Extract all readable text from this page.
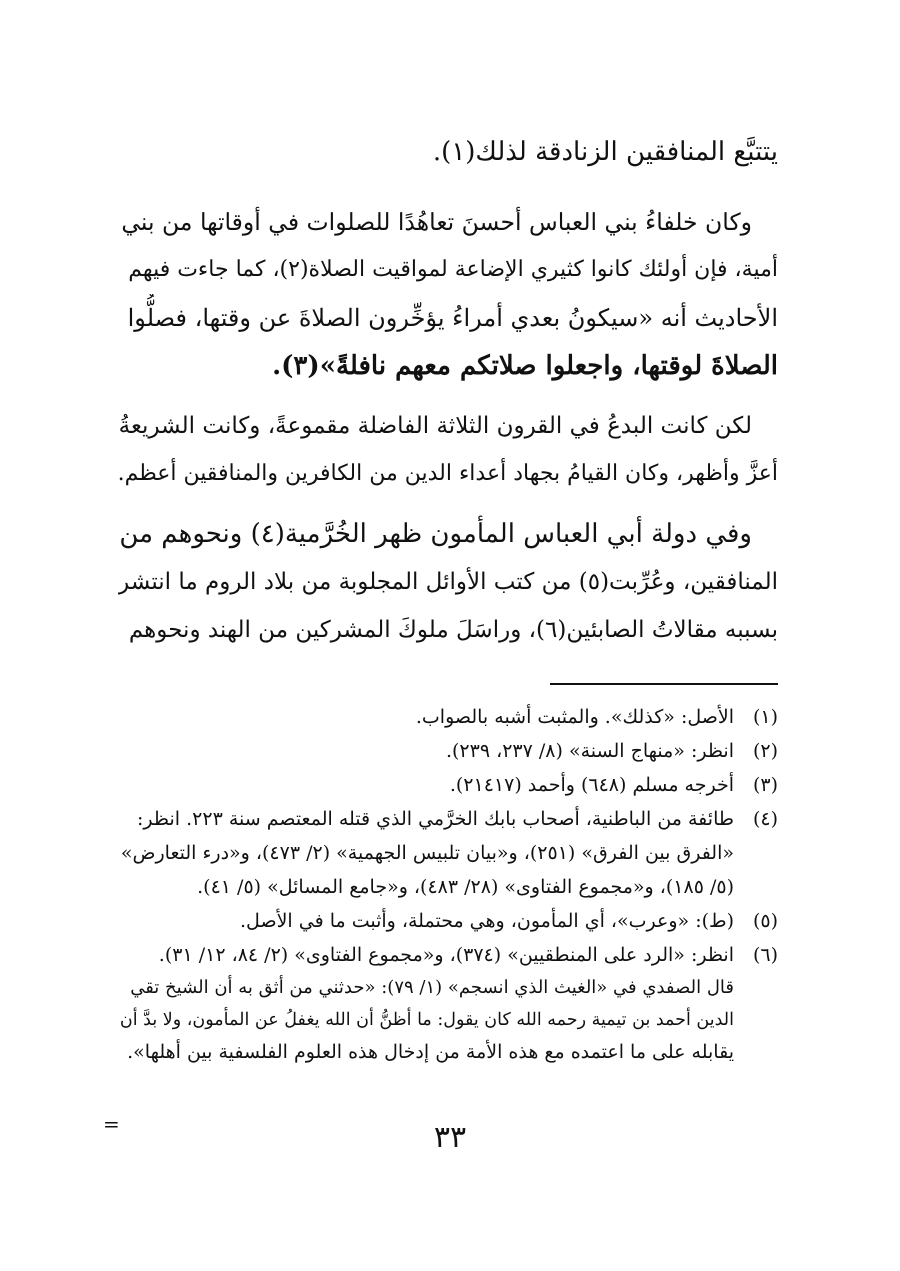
يتتبَّع المنافقين الزنادقة لذلك(١).
وكان خلفاءُ بني العباس أحسنَ تعاهُدًا للصلوات في أوقاتها من بني
أمية، فإن أولئك كانوا كثيري الإضاعة لمواقيت الصلاة(٢)، كما جاءت فيهم
الأحاديث أنه «سيكونُ بعدي أمراءُ يؤخِّرون الصلاةَ عن وقتها، فصلُّوا
الصلاةَ لوقتها، واجعلوا صلاتكم معهم نافلةً»(٣).
لكن كانت البدعُ في القرون الثلاثة الفاضلة مقموعةً، وكانت الشريعةُ
أعزَّ وأظهر، وكان القيامُ بجهاد أعداء الدين من الكافرين والمنافقين أعظم.
وفي دولة أبي العباس المأمون ظهر الخُرَّمية(٤) ونحوهم من
المنافقين، وعُرِّبت(٥) من كتب الأوائل المجلوبة من بلاد الروم ما انتشر
بسببه مقالاتُ الصابئين(٦)، وراسَلَ ملوكَ المشركين من الهند ونحوهم
(١)
الأصل: «كذلك». والمثبت أشبه بالصواب.
(٢)
انظر: «منهاج السنة» (٨/ ٢٣٧، ٢٣٩).
(٣)
أخرجه مسلم (٦٤٨) وأحمد (٢١٤١٧).
(٤)
طائفة من الباطنية، أصحاب بابك الخرَّمي الذي قتله المعتصم سنة ٢٢٣. انظر:
«الفرق بين الفرق» (٢٥١)، و«بيان تلبيس الجهمية» (٢/ ٤٧٣)، و«درء التعارض»
(٥/ ١٨٥)، و«مجموع الفتاوى» (٢٨/ ٤٨٣)، و«جامع المسائل» (٥/ ٤١).
(٥)
(ط): «وعرب»، أي المأمون، وهي محتملة، وأثبت ما في الأصل.
(٦)
انظر: «الرد على المنطقيين» (٣٧٤)، و«مجموع الفتاوى» (٢/ ٨٤، ١٢/ ٣١).
قال الصفدي في «الغيث الذي انسجم» (١/ ٧٩): «حدثني من أثق به أن الشيخ تقي
الدين أحمد بن تيمية رحمه الله كان يقول: ما أظنُّ أن الله يغفلُ عن المأمون، ولا بدَّ أن
يقابله على ما اعتمده مع هذه الأمة من إدخال هذه العلوم الفلسفية بين أهلها».
=	٣٣
